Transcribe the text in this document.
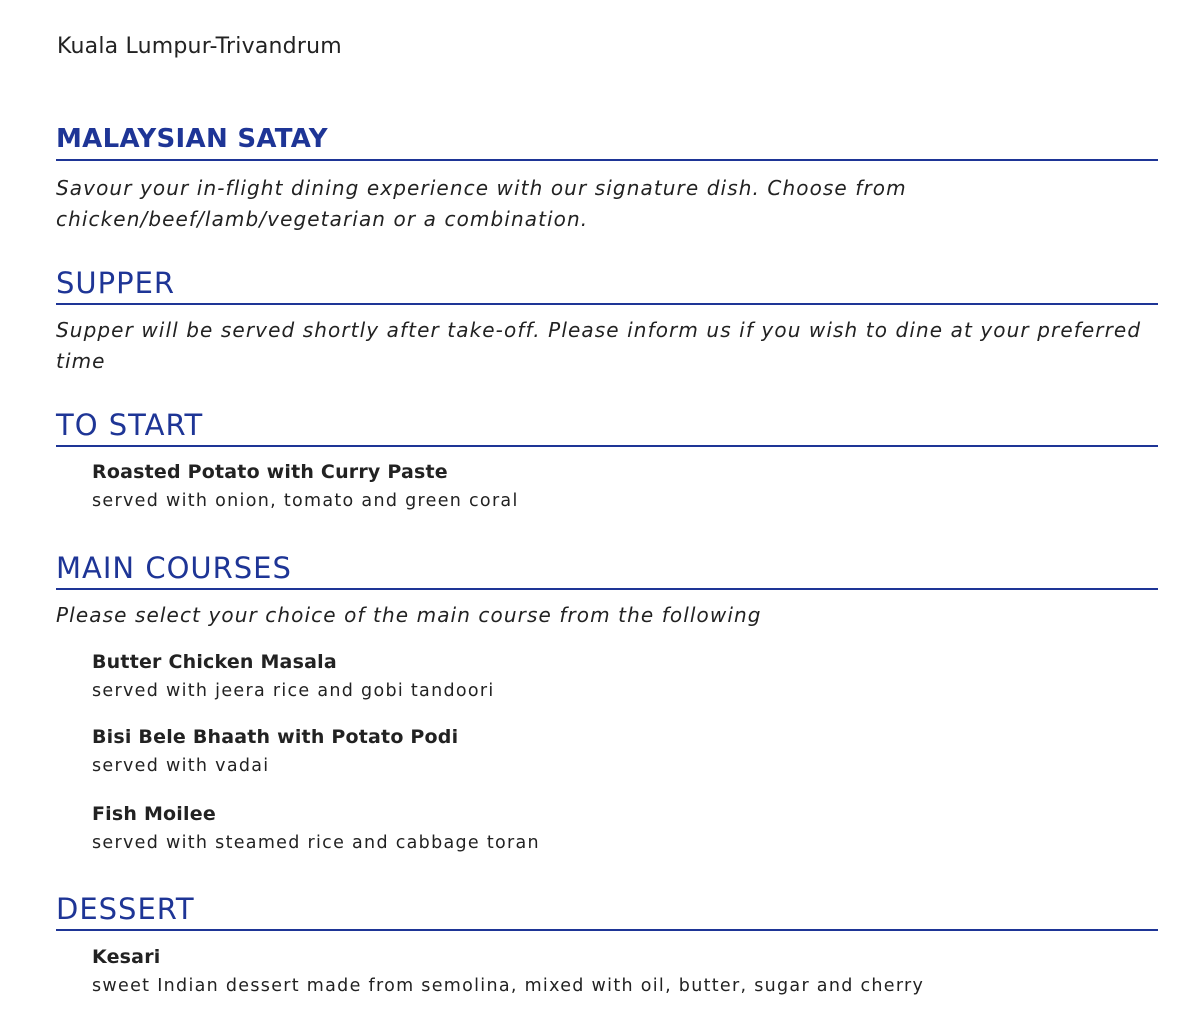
Kuala Lumpur-Trivandrum
MALAYSIAN SATAY
Savour your in-flight dining experience with our signature dish. Choose from chicken/beef/lamb/vegetarian or a combination.
SUPPER
Supper will be served shortly after take-off. Please inform us if you wish to dine at your preferred time
TO START
Roasted Potato with Curry Paste
served with onion, tomato and green coral
MAIN COURSES
Please select your choice of the main course from the following
Butter Chicken Masala
served with jeera rice and gobi tandoori
Bisi Bele Bhaath with Potato Podi
served with vadai
Fish Moilee
served with steamed rice and cabbage toran
DESSERT
Kesari
sweet Indian dessert made from semolina, mixed with oil, butter, sugar and cherry
